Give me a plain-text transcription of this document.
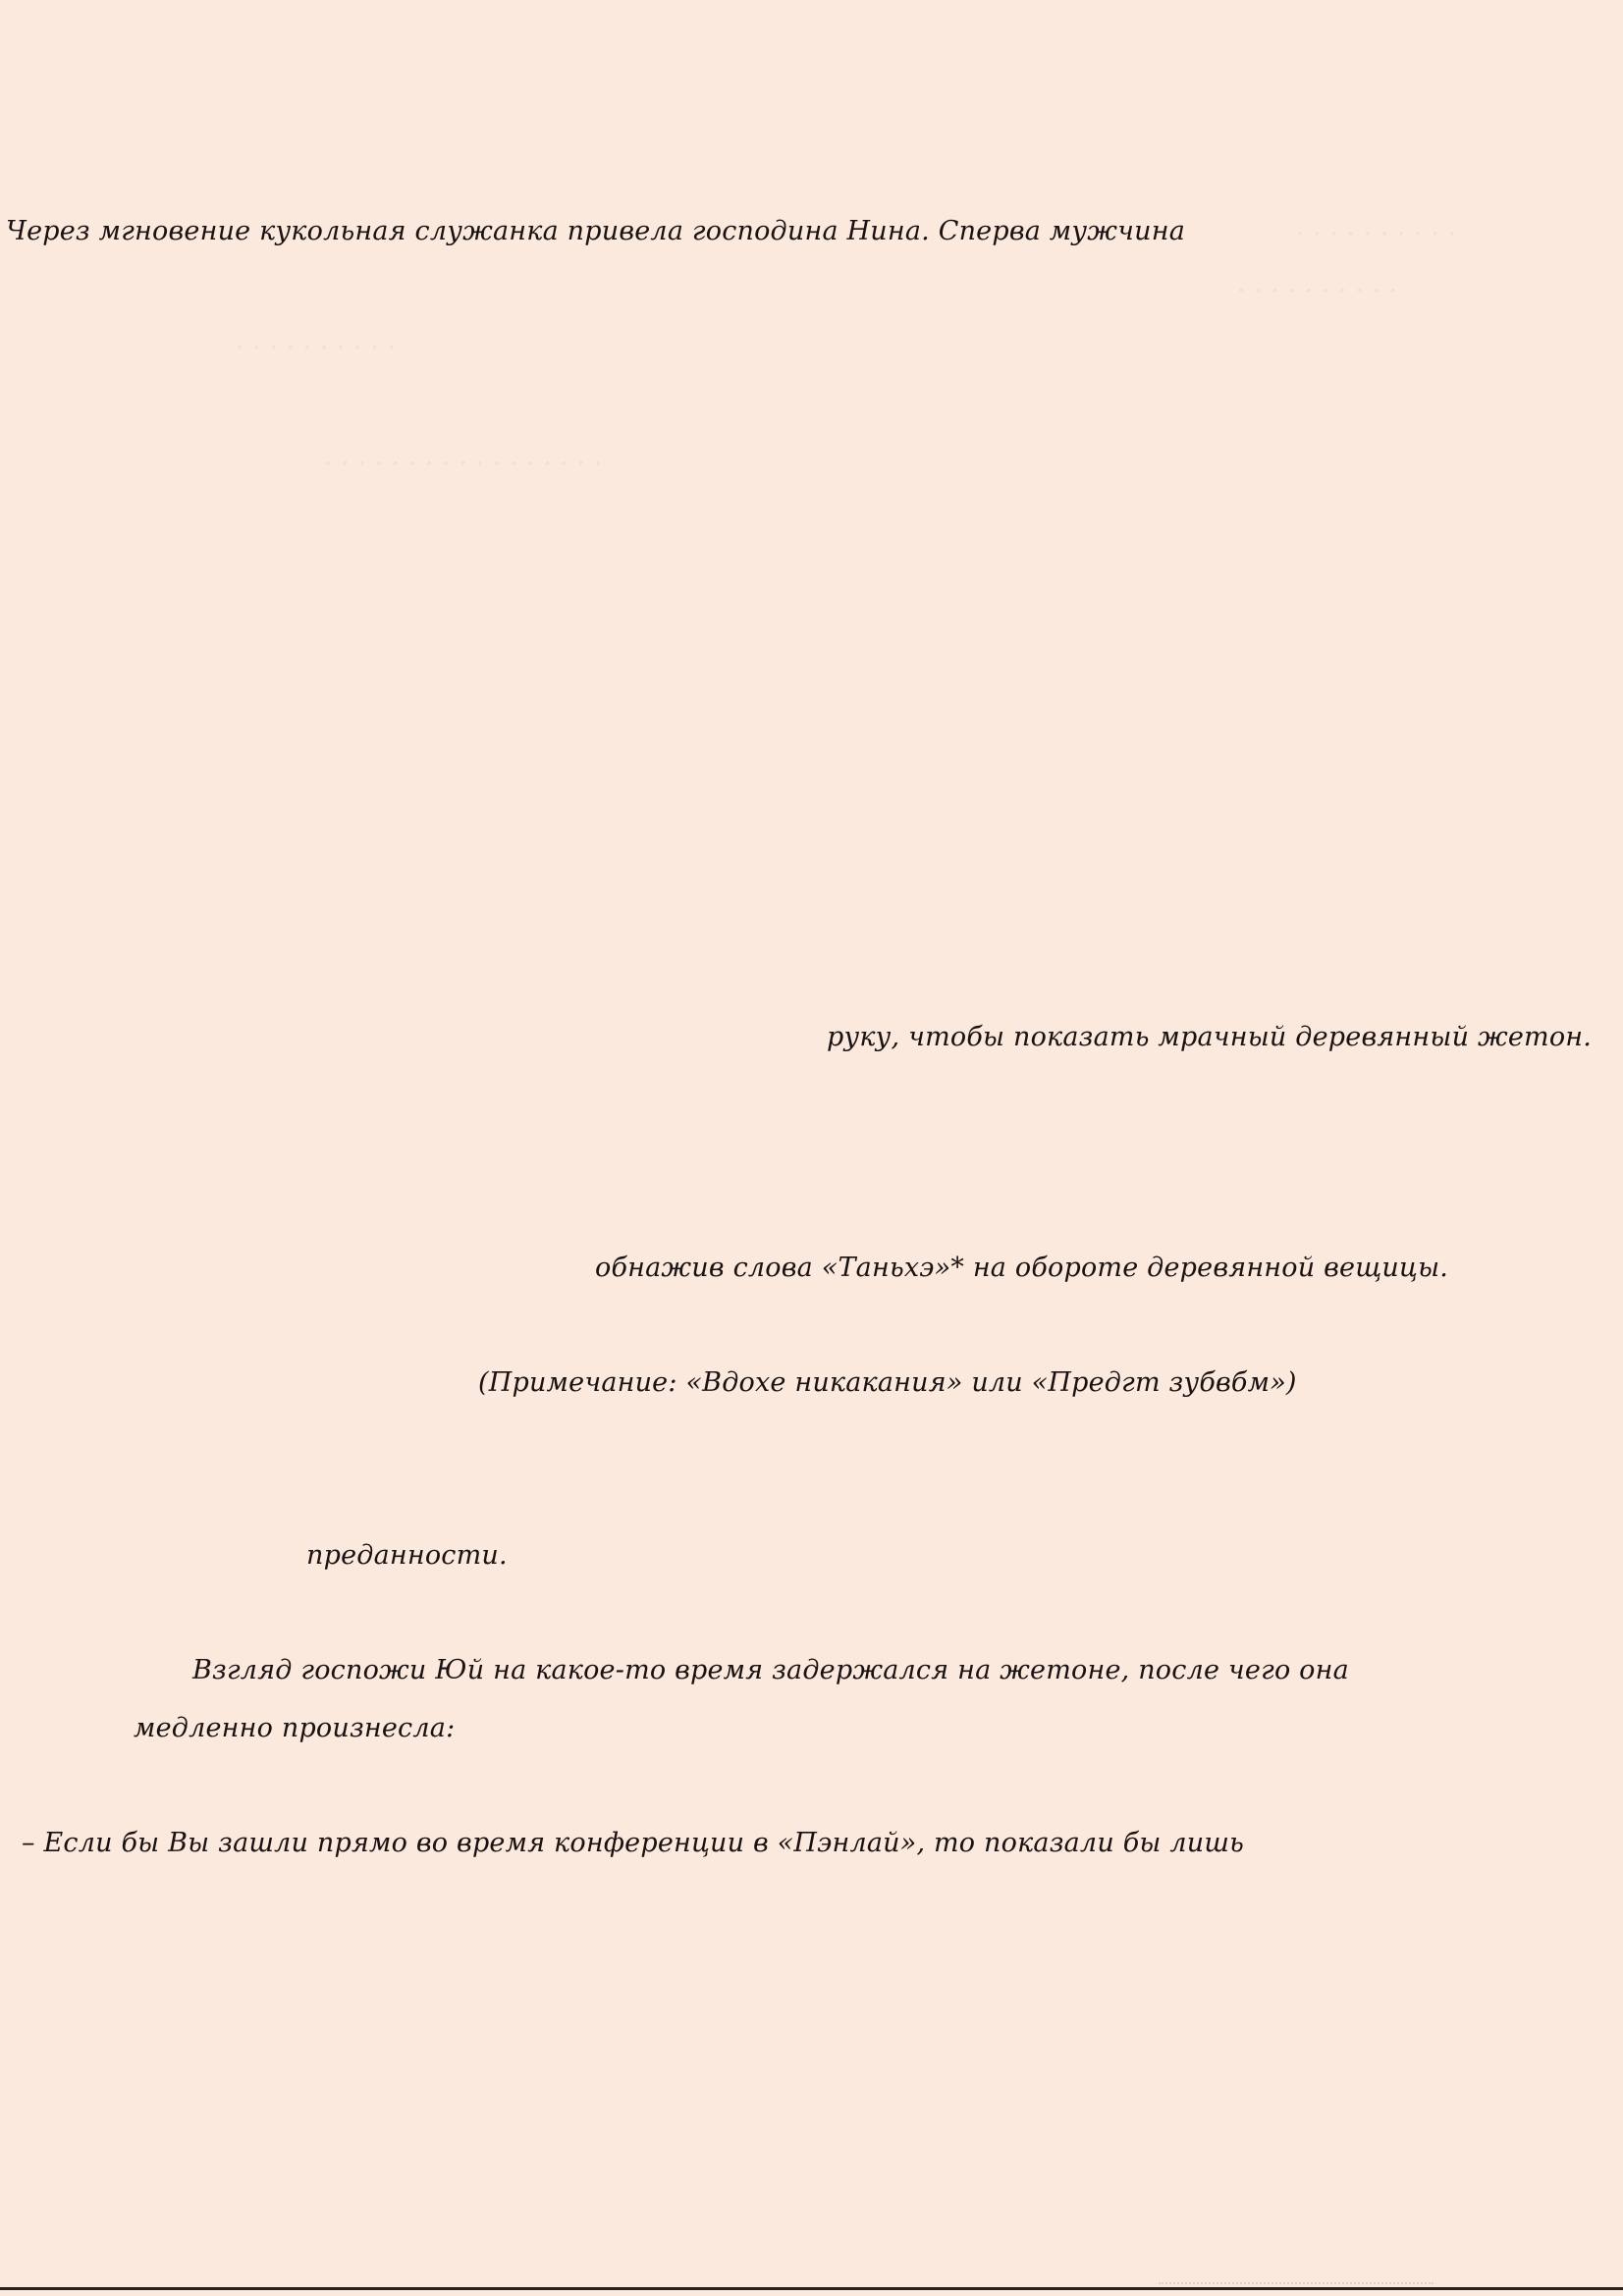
· · · · · · · · · ·
· · · · · · · · · ·
· · · · · · · · · ·
· · · · · · · · · · · · · · · · ·
Через мгновение кукольная служанка привела господина Нина. Сперва мужчина
руку, чтобы показать мрачный деревянный жетон.
обнажив слова «Таньхэ»* на обороте деревянной вещицы.
(Примечание: «Вдохе никакания» или «Предгт зубвбм»)
преданности.
Взгляд госпожи Юй на какое-то время задержался на жетоне, после чего она
медленно произнесла:
– Если бы Вы зашли прямо во время конференции в «Пэнлай», то показали бы лишь
